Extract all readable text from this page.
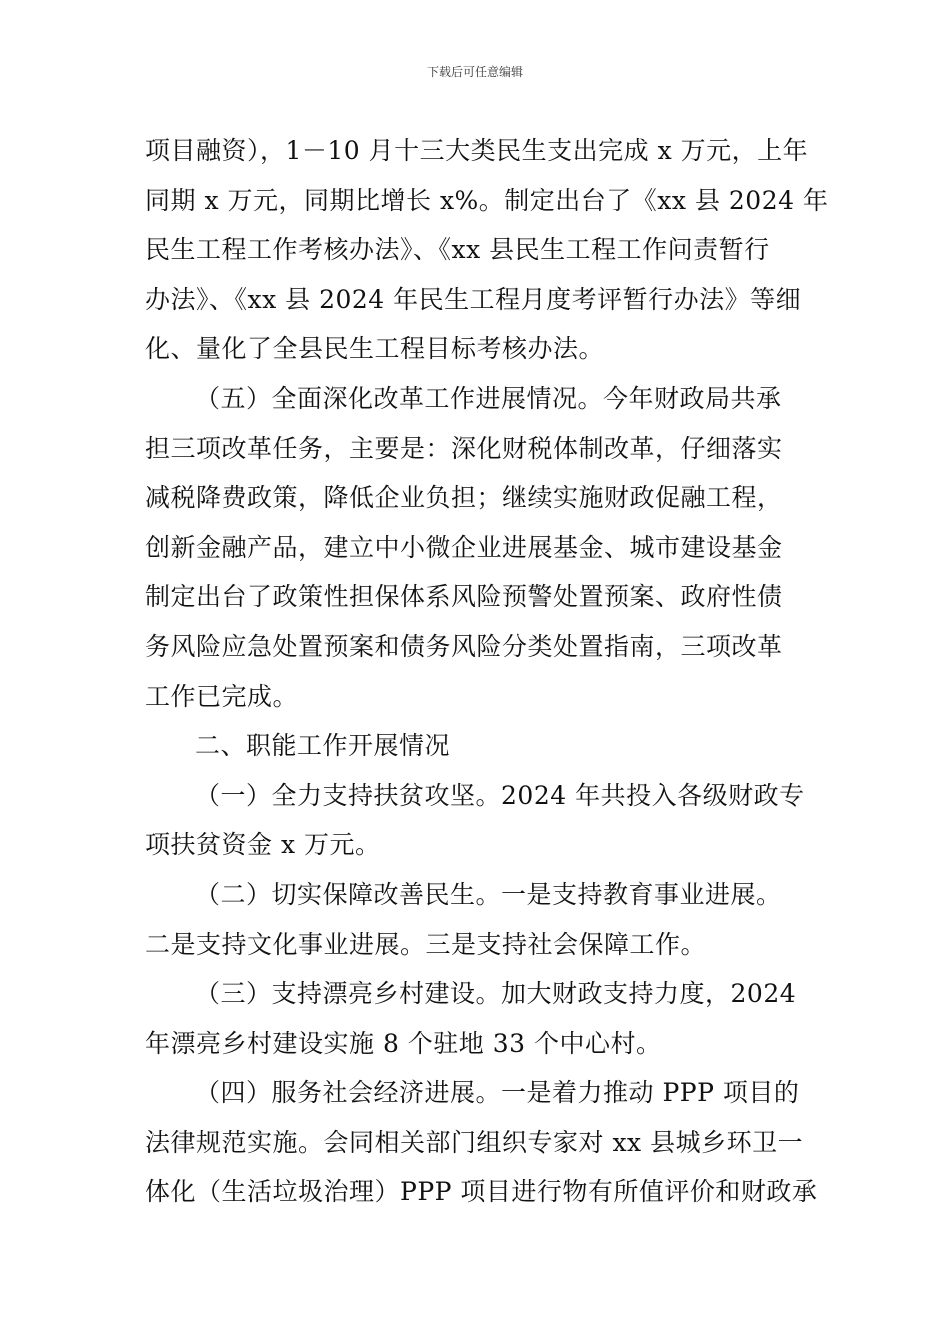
下载后可任意编辑
项目融资），1－10 月十三大类民生支出完成 x 万元，上年
同期 x 万元，同期比增长 x%。制定出台了《xx 县 2024 年
民生工程工作考核办法》、《xx 县民生工程工作问责暂行
办法》、《xx 县 2024 年民生工程月度考评暂行办法》等细
化、量化了全县民生工程目标考核办法。
（五）全面深化改革工作进展情况。今年财政局共承
担三项改革任务，主要是：深化财税体制改革，仔细落实
减税降费政策，降低企业负担；继续实施财政促融工程，
创新金融产品，建立中小微企业进展基金、城市建设基金
制定出台了政策性担保体系风险预警处置预案、政府性债
务风险应急处置预案和债务风险分类处置指南，三项改革
工作已完成。
二、职能工作开展情况
（一）全力支持扶贫攻坚。2024 年共投入各级财政专
项扶贫资金 x 万元。
（二）切实保障改善民生。一是支持教育事业进展。
二是支持文化事业进展。三是支持社会保障工作。
（三）支持漂亮乡村建设。加大财政支持力度，2024
年漂亮乡村建设实施 8 个驻地 33 个中心村。
（四）服务社会经济进展。一是着力推动 PPP 项目的
法律规范实施。会同相关部门组织专家对 xx 县城乡环卫一
体化（生活垃圾治理）PPP 项目进行物有所值评价和财政承
